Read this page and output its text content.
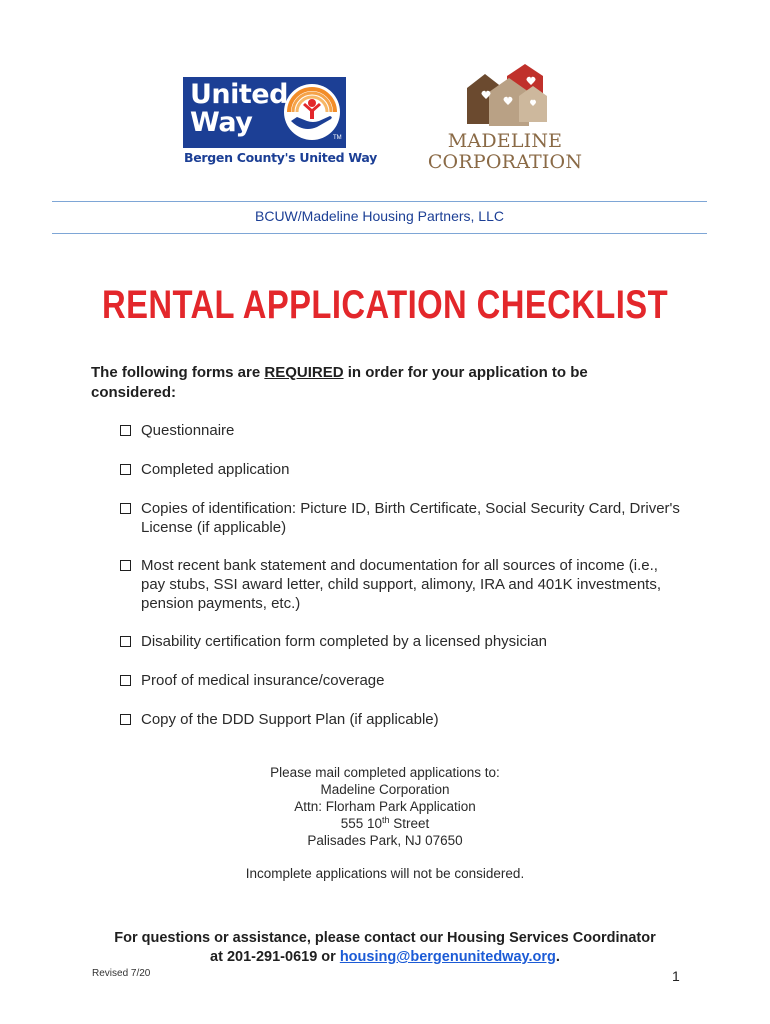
United
Way	TM
Bergen County's United Way
MADELINE
CORPORATION
BCUW/Madeline Housing Partners, LLC
RENTAL APPLICATION CHECKLIST
The following forms are REQUIRED in order for your application to be considered:
Questionnaire
Completed application
Copies of identification: Picture ID, Birth Certificate, Social Security Card, Driver's License (if applicable)
Most recent bank statement and documentation for all sources of income (i.e., pay stubs, SSI award letter, child support, alimony, IRA and 401K investments, pension payments, etc.)
Disability certification form completed by a licensed physician
Proof of medical insurance/coverage
Copy of the DDD Support Plan (if applicable)
Please mail completed applications to:
Madeline Corporation
Attn: Florham Park Application
555 10th Street
Palisades Park, NJ 07650
Incomplete applications will not be considered.
For questions or assistance, please contact our Housing Services Coordinator
at 201-291-0619 or housing@bergenunitedway.org.
Revised 7/20	1
